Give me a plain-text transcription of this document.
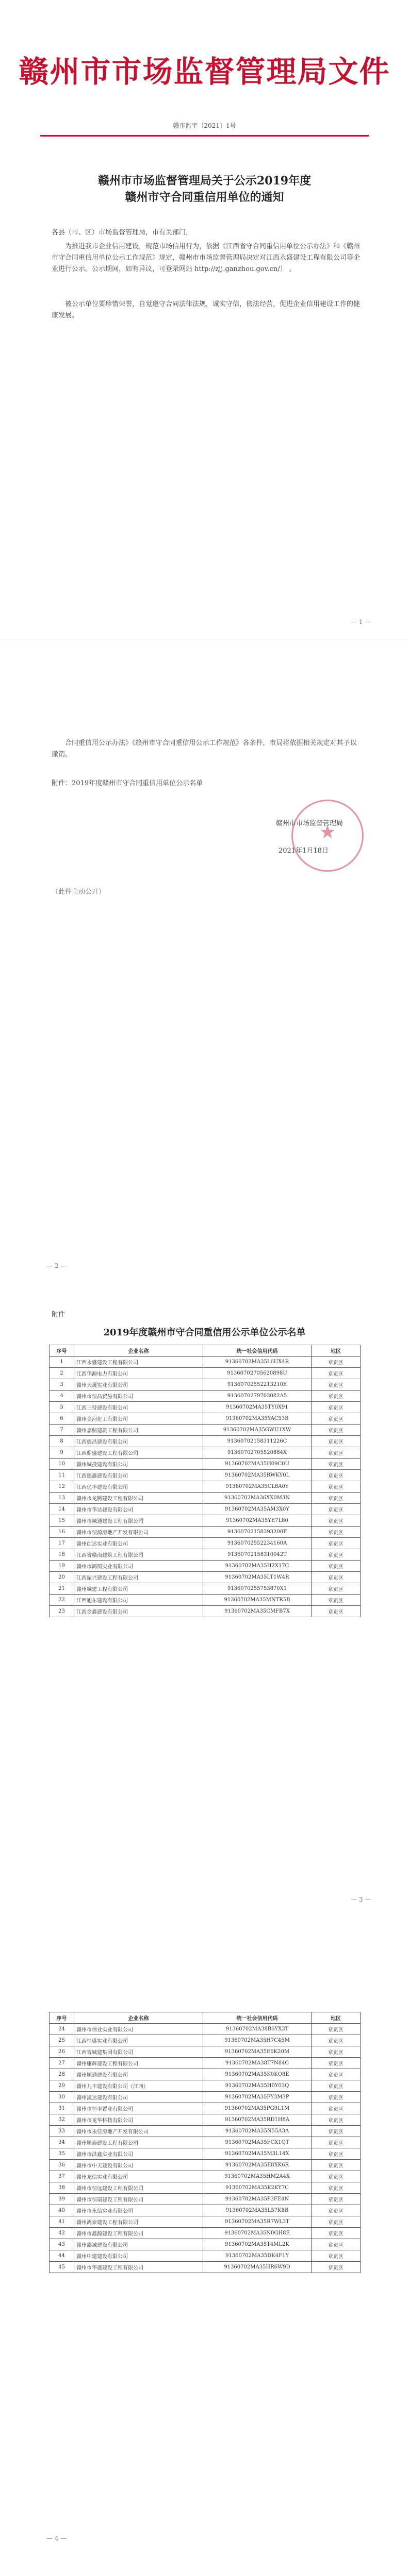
赣州市市场监督管理局文件
赣市监字〔2021〕1号
赣州市市场监督管理局关于公示2019年度
赣州市守合同重信用单位的通知
各县（市、区）市场监督管理局，市有关部门，
为推进我市企业信用建设，规范市场信用行为，依据《江西省守合同重信用单位公示办法》和《赣州市守合同重信用单位公示工作规范》规定，赣州市市场监督管理局决定对江西永盛建设工程有限公司等企业进行公示。公示期间，如有异议，可登录网站 http://zjj.ganzhou.gov.cn/） 。
被公示单位要珍惜荣誉，自觉遵守合同法律法规，诚实守信，依法经营，促进企业信用建设工作的健康发展。
— 1 —
合同重信用公示办法》《赣州市守合同重信用公示工作规范》各条件，市局将依据相关规定对其予以撤销。
附件：2019年度赣州市守合同重信用单位公示名单
★
赣州市市场监督管理局
2021年1月18日
（此件主动公开）
— 2 —
附件
2019年度赣州市守合同重信用公示单位公示名单
序号	企业名称	统一社会信用代码	地区
1	江西永盛建设工程有限公司	91360702MA35L6UX4R	章贡区
2	江西华源电力有限公司	91360702705620898U	章贡区
3	赣州天晟实业有限公司	91360702552213210E	章贡区
4	赣州市恒昌贸易有限公司	9136070279703082A5	章贡区
5	江西三特建设有限公司	91360702MA35TY0X91	章贡区
6	赣州金河化工有限公司	91360702MA35YAC53B	章贡区
7	赣州嘉鼎建筑工程有限公司	91360702MA35GWU1XW	章贡区
8	江西德昌建设有限公司	91360702158311226C	章贡区
9	江西鼎盛建设工程有限公司	91360702705520884X	章贡区
10	赣州城投建设有限公司	91360702MA35H09C0U	章贡区
11	江西德鑫建设有限公司	91360702MA35RWKY0L	章贡区
12	江西亿丰建设有限公司	91360702MA35CL8A0Y	章贡区
13	赣州市龙腾建设工程有限公司	91360702MA36XX0M3N	章贡区
14	赣州市华达建设有限公司	91360702MA35AM3X0Y	章贡区
15	赣州市城通建设工程有限公司	91360702MA35YE7L80	章贡区
16	赣州市恒源房地产开发有限公司	91360702158393200F	章贡区
17	赣州创达实业有限公司	91360702552234160A	章贡区
18	江西省赣南建筑工程有限公司	91360702158310042T	章贡区
19	赣州市鸿鹄实业有限公司	91360702MA35H2X17C	章贡区
20	江西振兴建设工程有限公司	91360702MA35LT1W4R	章贡区
21	赣州城建工程有限公司	9136070255753870X1	章贡区
22	江西旭东建设有限公司	91360702MA35MNTR5B	章贡区
23	江西金鑫建设有限公司	91360702MA35CMFB7X	章贡区
— 3 —
序号	企业名称	统一社会信用代码	地区
24	赣州市伟业实业有限公司	91360702MA38B6YX3T	章贡区
25	江西恒盛实业有限公司	91360702MA35H7C45M	章贡区
26	江西省城建集团有限公司	91360702MA35E6K20M	章贡区
27	赣州康辉建设工程有限公司	91360702MA38T7N84C	章贡区
28	赣州顺通建设有限公司	91360702MA35K0KQ8E	章贡区
29	赣州九丰建设有限公司（江西）	91360702MA35H0Y03Q	章贡区
30	赣州凯达建设有限公司	91360702MA35FY3M3P	章贡区
31	赣州市恒丰置业有限公司	91360702MA35PG9L1M	章贡区
32	赣州市龙华科技有限公司	91360702MA35RD1H8A	章贡区
33	赣州市永佳房地产开发有限公司	91360702MA35N55A3A	章贡区
34	赣州顺泰建设工程有限公司	91360702MA35FCX1QT	章贡区
35	赣州市洪鑫实业有限公司	91360702MA35M3L14X	章贡区
36	赣州市中天建设有限公司	91360702MA35E8XK6R	章贡区
37	赣州龙信实业有限公司	91360702MA35HM2A4X	章贡区
38	赣州市恒远建设工程有限公司	91360702MA35K2KY7C	章贡区
39	赣州市恒瑞建设工程有限公司	91360702MA35P3FE4N	章贡区
40	赣州市永信实业有限公司	91360702MA35L57K8B	章贡区
41	赣州鸿泰建设工程有限公司	91360702MA35R7WL3T	章贡区
42	赣州市鑫源建设工程有限公司	91360702MA35N0GH8E	章贡区
43	赣州鑫诚建设有限公司	91360702MA35T4ML2K	章贡区
44	赣州中建建设有限公司	91360702MA35DK4F1Y	章贡区
45	赣州市华盛建设工程有限公司	91360702MA35HR6W9D	章贡区
— 4 —
